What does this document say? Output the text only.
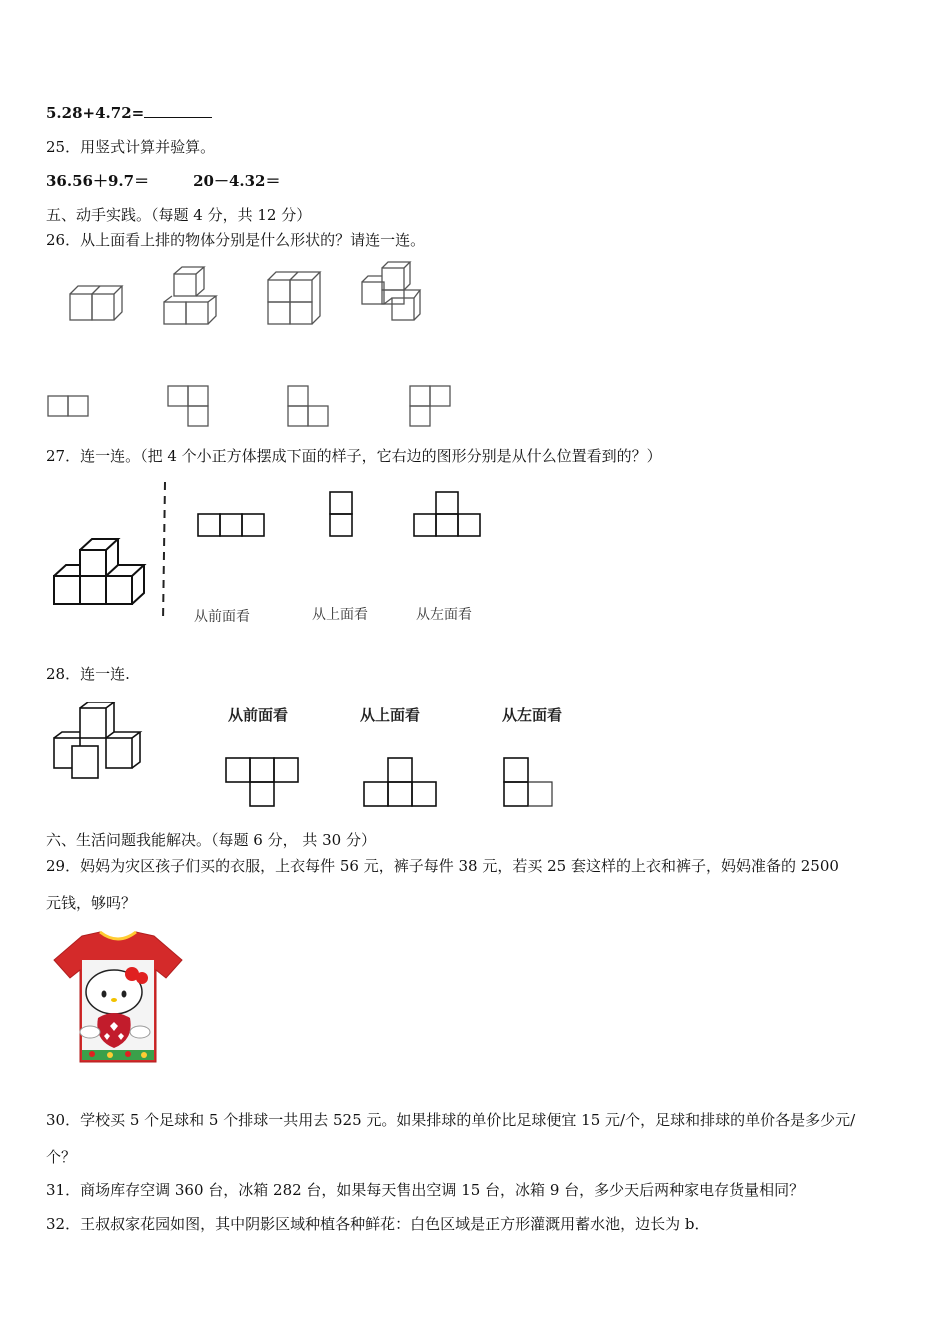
5.28+4.72=
25．用竖式计算并验算。
36.56＋9.7＝	20－4.32＝
五、动手实践。（每题 4 分，共 12 分）
26．从上面看上排的物体分别是什么形状的？请连一连。
27．连一连。（把 4 个小正方体摆成下面的样子，它右边的图形分别是从什么位置看到的？）
从前面看	从上面看	从左面看
28．连一连.
从前面看	从上面看	从左面看
六、生活问题我能解决。（每题 6 分， 共 30 分）
29．妈妈为灾区孩子们买的衣服，上衣每件 56 元，裤子每件 38 元，若买 25 套这样的上衣和裤子，妈妈准备的 2500
元钱，够吗？
30．学校买 5 个足球和 5 个排球一共用去 525 元。如果排球的单价比足球便宜 15 元/个，足球和排球的单价各是多少元/
个？
31．商场库存空调 360 台，冰箱 282 台，如果每天售出空调 15 台，冰箱 9 台，多少天后两种家电存货量相同？
32．王叔叔家花园如图，其中阴影区域种植各种鲜花：白色区域是正方形灌溉用蓄水池，边长为 b．
